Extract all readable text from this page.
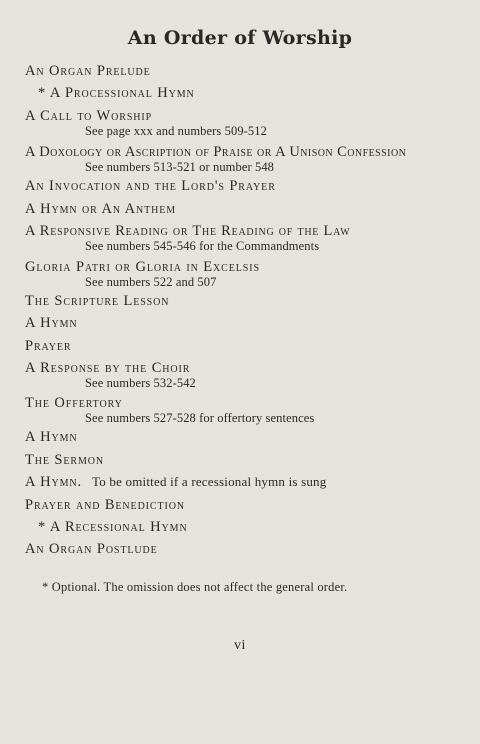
An Order of Worship
An Organ Prelude
* A Processional Hymn
A Call to Worship
See page xxx and numbers 509-512
A Doxology or Ascription of Praise or A Unison Confession
See numbers 513-521 or number 548
An Invocation and the Lord's Prayer
A Hymn or An Anthem
A Responsive Reading or The Reading of the Law
See numbers 545-546 for the Commandments
Gloria Patri or Gloria in Excelsis
See numbers 522 and 507
The Scripture Lesson
A Hymn
Prayer
A Response by the Choir
See numbers 532-542
The Offertory
See numbers 527-528 for offertory sentences
A Hymn
The Sermon
A Hymn. To be omitted if a recessional hymn is sung
Prayer and Benediction
* A Recessional Hymn
An Organ Postlude
* Optional. The omission does not affect the general order.
vi
